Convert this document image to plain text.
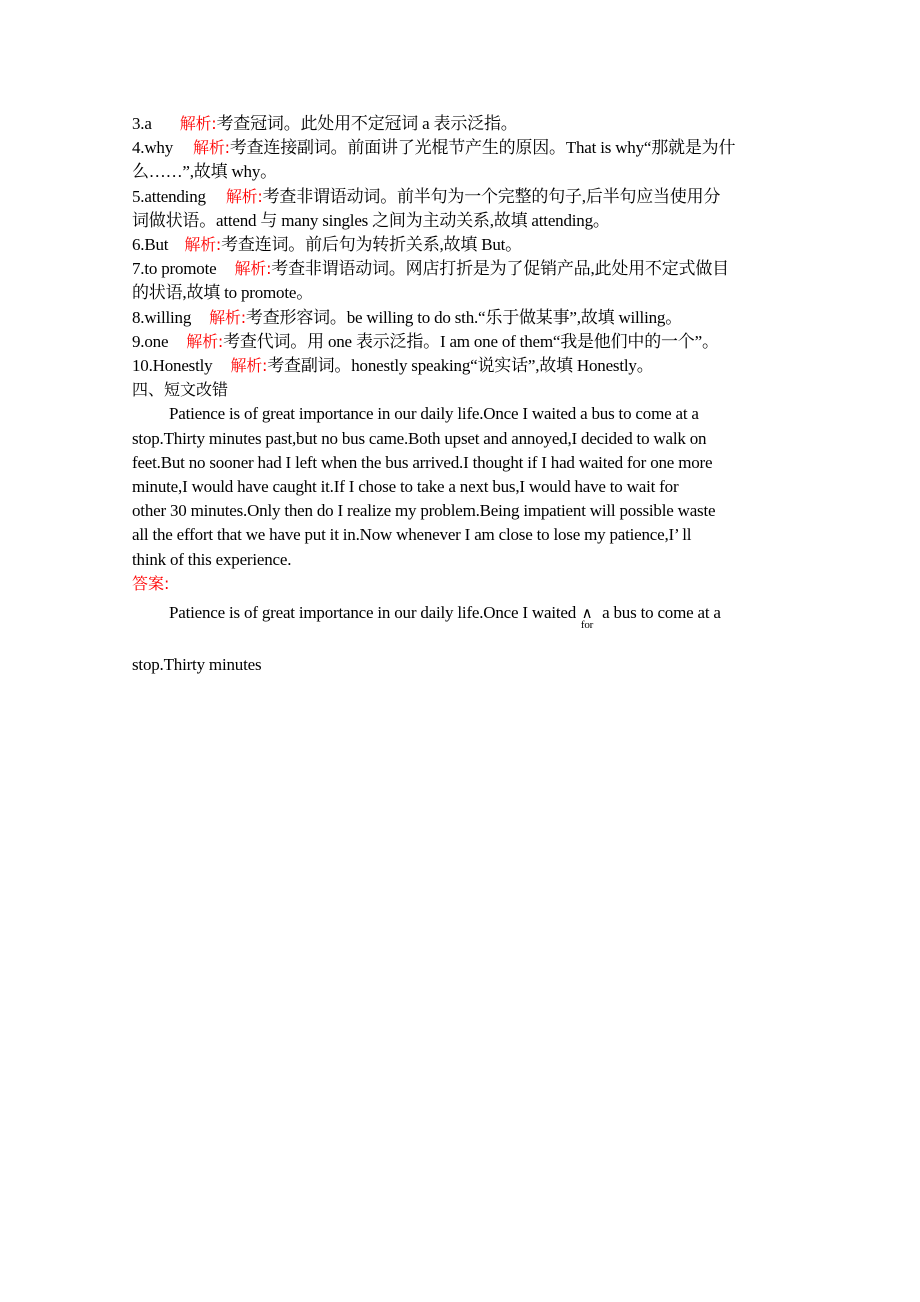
3.a 解析:考查冠词。此处用不定冠词 a 表示泛指。
4.why 解析:考查连接副词。前面讲了光棍节产生的原因。That is why“那就是为什
么……”,故填 why。
5.attending 解析:考查非谓语动词。前半句为一个完整的句子,后半句应当使用分
词做状语。attend 与 many singles 之间为主动关系,故填 attending。
6.But 解析:考查连词。前后句为转折关系,故填 But。
7.to promote 解析:考查非谓语动词。网店打折是为了促销产品,此处用不定式做目
的状语,故填 to promote。
8.willing 解析:考查形容词。be willing to do sth.“乐于做某事”,故填 willing。
9.one 解析:考查代词。用 one 表示泛指。I am one of them“我是他们中的一个”。
10.Honestly 解析:考查副词。honestly speaking“说实话”,故填 Honestly。
四、短文改错
Patience is of great importance in our daily life.Once I waited a bus to come at a
stop.Thirty minutes past,but no bus came.Both upset and annoyed,I decided to walk on
feet.But no sooner had I left when the bus arrived.I thought if I had waited for one more
minute,I would have caught it.If I chose to take a next bus,I would have to wait for
other 30 minutes.Only then do I realize my problem.Being impatient will possible waste
all the effort that we have put it in.Now whenever I am close to lose my patience,I’ ll
think of this experience.
答案:
Patience is of great importance in our daily life.Once I waited ∧
for
a bus to come at a
stop.Thirty minutes
